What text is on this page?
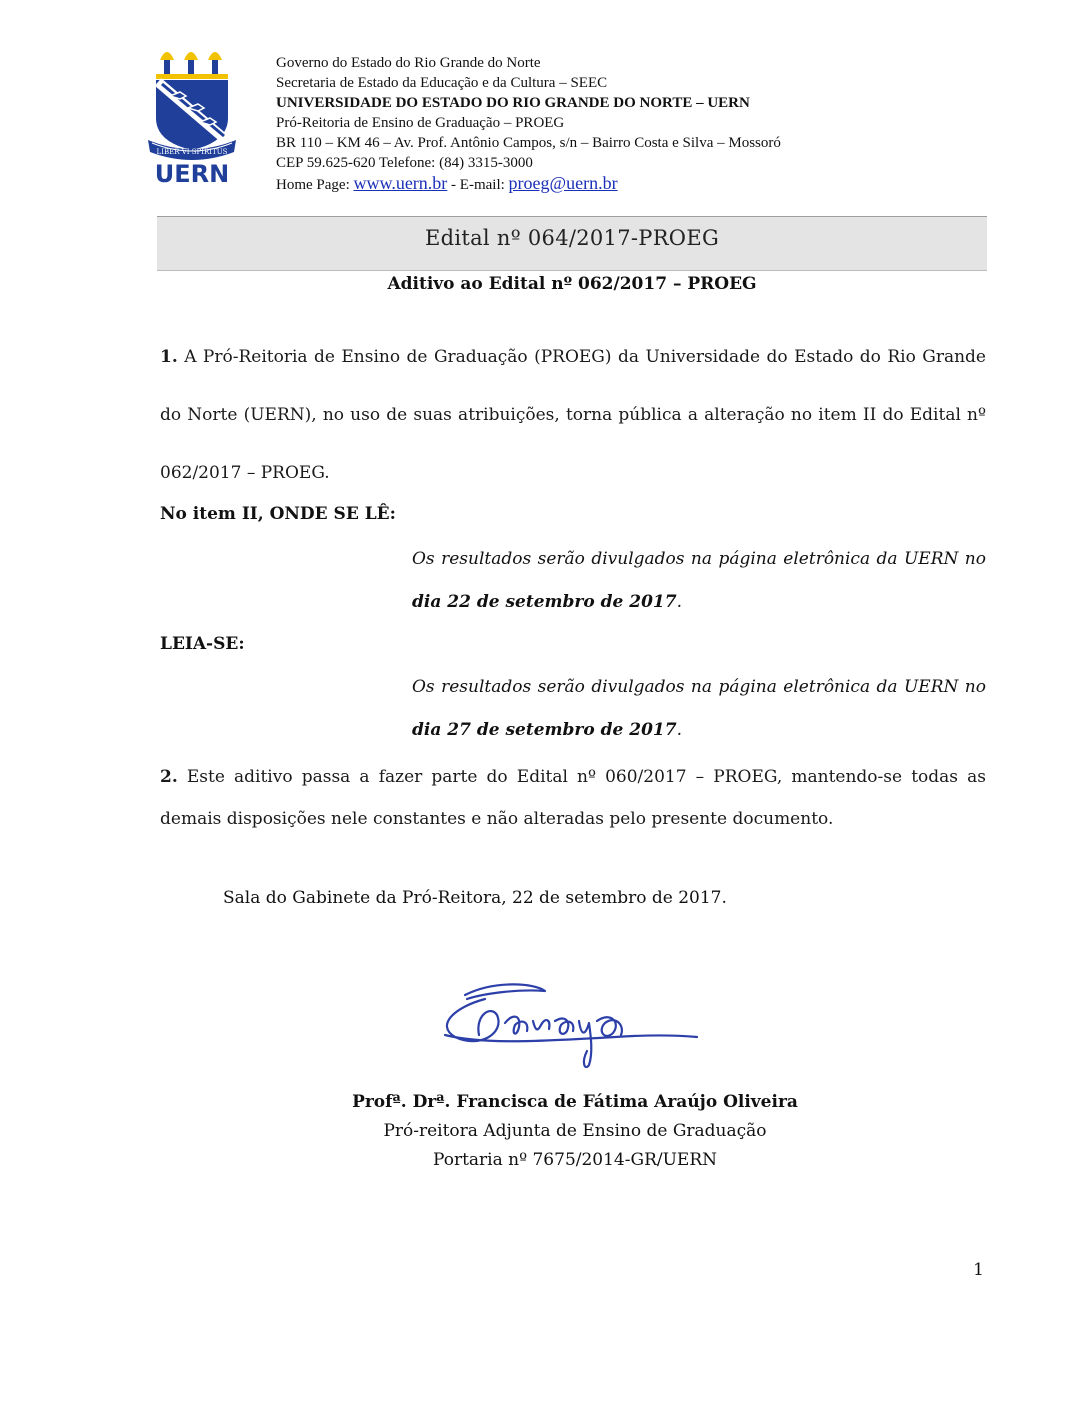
LIBER VI SPIRITUS
UERN
Governo do Estado do Rio Grande do Norte
Secretaria de Estado da Educação e da Cultura – SEEC
UNIVERSIDADE DO ESTADO DO RIO GRANDE DO NORTE – UERN
Pró-Reitoria de Ensino de Graduação – PROEG
BR 110 – KM 46 – Av. Prof. Antônio Campos, s/n – Bairro Costa e Silva – Mossoró
CEP 59.625-620 Telefone: (84) 3315-3000
Home Page: www.uern.br - E-mail: proeg@uern.br
Edital nº 064/2017-PROEG
Aditivo ao Edital nº 062/2017 – PROEG
1. A Pró-Reitoria de Ensino de Graduação (PROEG) da Universidade do Estado do Rio Grande do Norte (UERN), no uso de suas atribuições, torna pública a alteração no item II do Edital nº 062/2017 – PROEG.
No item II, ONDE SE LÊ:
Os resultados serão divulgados na página eletrônica da UERN no dia 22 de setembro de 2017.
LEIA-SE:
Os resultados serão divulgados na página eletrônica da UERN no dia 27 de setembro de 2017.
2. Este aditivo passa a fazer parte do Edital nº 060/2017 – PROEG, mantendo-se todas as demais disposições nele constantes e não alteradas pelo presente documento.
Sala do Gabinete da Pró-Reitora, 22 de setembro de 2017.
Profª. Drª. Francisca de Fátima Araújo Oliveira
Pró-reitora Adjunta de Ensino de Graduação
Portaria nº 7675/2014-GR/UERN
1
